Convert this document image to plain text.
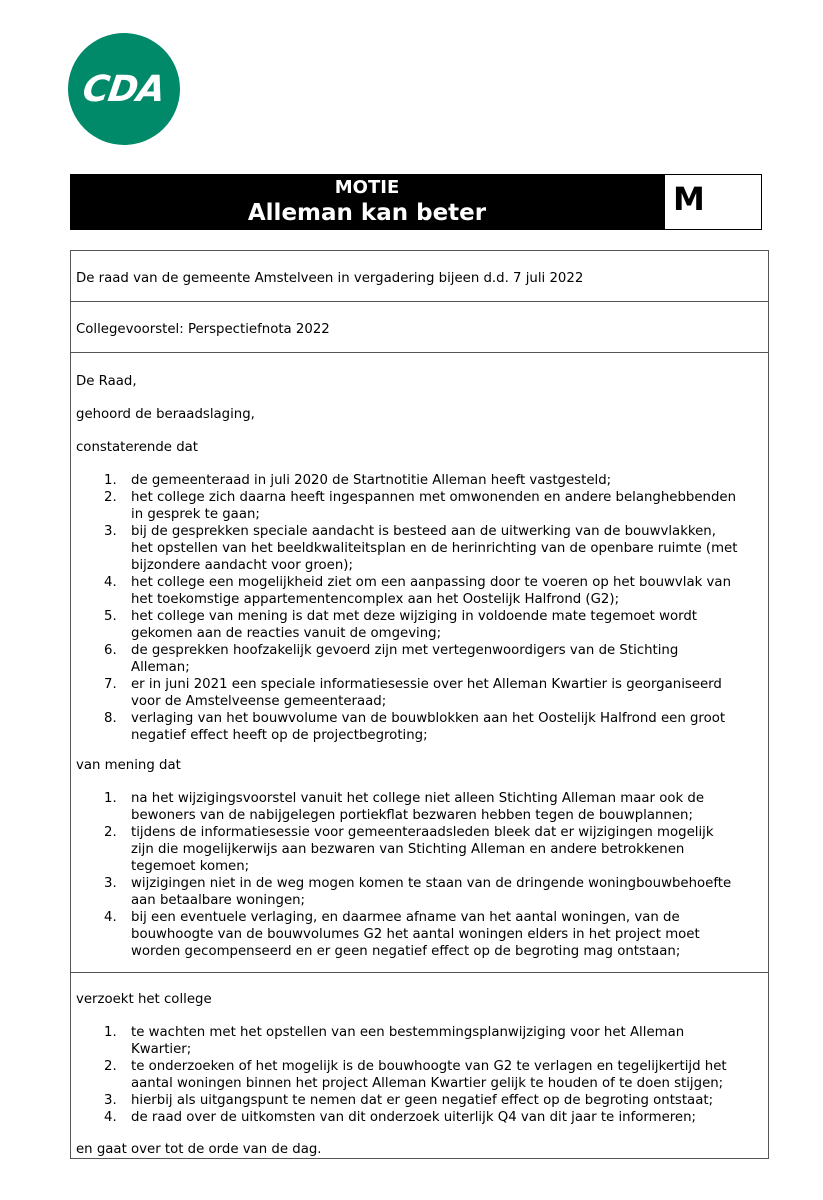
CDA
MOTIE
Alleman kan beter	M
De raad van de gemeente Amstelveen in vergadering bijeen d.d. 7 juli 2022
Collegevoorstel: Perspectiefnota 2022
De Raad,
gehoord de beraadslaging,
constaterende dat
1. de gemeenteraad in juli 2020 de Startnotitie Alleman heeft vastgesteld;
2. het college zich daarna heeft ingespannen met omwonenden en andere belanghebbenden
in gesprek te gaan;
3. bij de gesprekken speciale aandacht is besteed aan de uitwerking van de bouwvlakken,
het opstellen van het beeldkwaliteitsplan en de herinrichting van de openbare ruimte (met
bijzondere aandacht voor groen);
4. het college een mogelijkheid ziet om een aanpassing door te voeren op het bouwvlak van
het toekomstige appartementencomplex aan het Oostelijk Halfrond (G2);
5. het college van mening is dat met deze wijziging in voldoende mate tegemoet wordt
gekomen aan de reacties vanuit de omgeving;
6. de gesprekken hoofzakelijk gevoerd zijn met vertegenwoordigers van de Stichting
Alleman;
7. er in juni 2021 een speciale informatiesessie over het Alleman Kwartier is georganiseerd
voor de Amstelveense gemeenteraad;
8. verlaging van het bouwvolume van de bouwblokken aan het Oostelijk Halfrond een groot
negatief effect heeft op de projectbegroting;
van mening dat
1. na het wijzigingsvoorstel vanuit het college niet alleen Stichting Alleman maar ook de
bewoners van de nabijgelegen portiekflat bezwaren hebben tegen de bouwplannen;
2. tijdens de informatiesessie voor gemeenteraadsleden bleek dat er wijzigingen mogelijk
zijn die mogelijkerwijs aan bezwaren van Stichting Alleman en andere betrokkenen
tegemoet komen;
3. wijzigingen niet in de weg mogen komen te staan van de dringende woningbouwbehoefte
aan betaalbare woningen;
4. bij een eventuele verlaging, en daarmee afname van het aantal woningen, van de
bouwhoogte van de bouwvolumes G2 het aantal woningen elders in het project moet
worden gecompenseerd en er geen negatief effect op de begroting mag ontstaan;
verzoekt het college
1. te wachten met het opstellen van een bestemmingsplanwijziging voor het Alleman
Kwartier;
2. te onderzoeken of het mogelijk is de bouwhoogte van G2 te verlagen en tegelijkertijd het
aantal woningen binnen het project Alleman Kwartier gelijk te houden of te doen stijgen;
3. hierbij als uitgangspunt te nemen dat er geen negatief effect op de begroting ontstaat;
4. de raad over de uitkomsten van dit onderzoek uiterlijk Q4 van dit jaar te informeren;
en gaat over tot de orde van de dag.
